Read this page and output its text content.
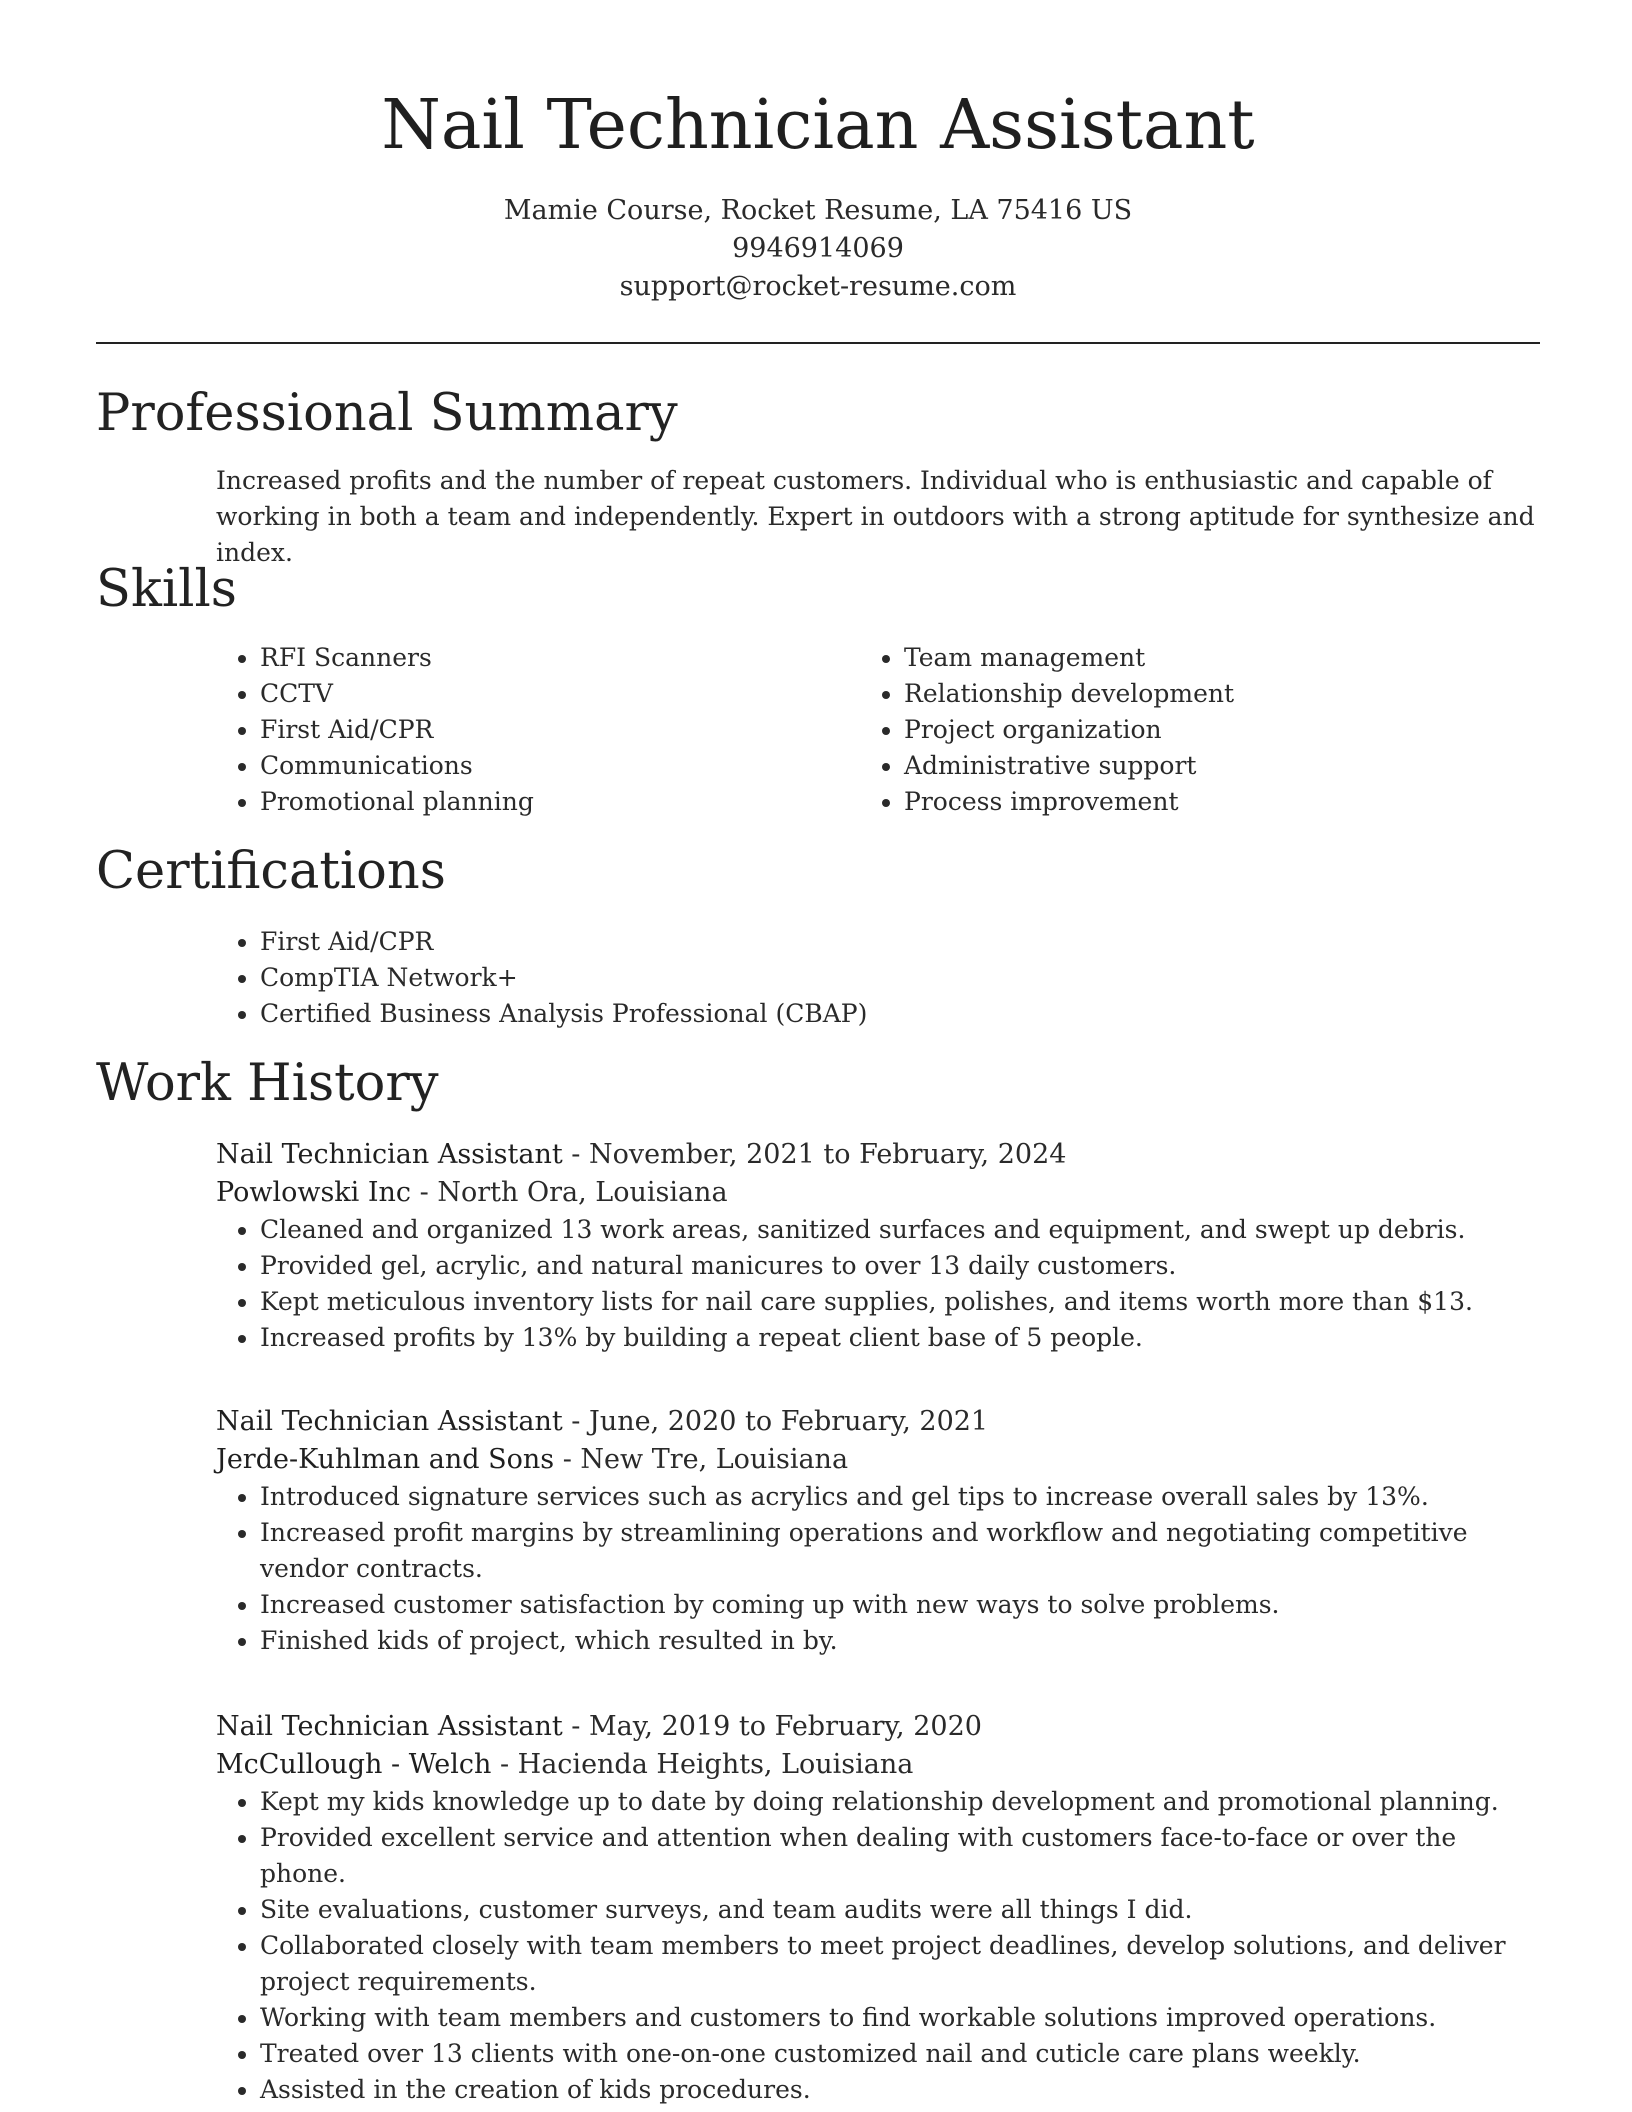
Nail Technician Assistant
Mamie Course, Rocket Resume, LA 75416 US
9946914069
support@rocket-resume.com
Professional Summary

Increased profits and the number of repeat customers. Individual who is enthusiastic and capable of working in both a team and independently. Expert in outdoors with a strong aptitude for synthesize and index.

Skills
• RFI Scanners
• CCTV
• First Aid/CPR
• Communications
• Promotional planning
• Team management
• Relationship development
• Project organization
• Administrative support
• Process improvement
Certifications
• First Aid/CPR
• CompTIA Network+
• Certified Business Analysis Professional (CBAP)
Work History
Nail Technician Assistant - November, 2021 to February, 2024
Powlowski Inc - North Ora, Louisiana
• Cleaned and organized 13 work areas, sanitized surfaces and equipment, and swept up debris.
• Provided gel, acrylic, and natural manicures to over 13 daily customers.
• Kept meticulous inventory lists for nail care supplies, polishes, and items worth more than $13.
• Increased profits by 13% by building a repeat client base of 5 people.
Nail Technician Assistant - June, 2020 to February, 2021
Jerde-Kuhlman and Sons - New Tre, Louisiana
• Introduced signature services such as acrylics and gel tips to increase overall sales by 13%.
• Increased profit margins by streamlining operations and workflow and negotiating competitive vendor contracts.
• Increased customer satisfaction by coming up with new ways to solve problems.
• Finished kids of project, which resulted in by.
Nail Technician Assistant - May, 2019 to February, 2020
McCullough - Welch - Hacienda Heights, Louisiana
• Kept my kids knowledge up to date by doing relationship development and promotional planning.
• Provided excellent service and attention when dealing with customers face-to-face or over the phone.
• Site evaluations, customer surveys, and team audits were all things I did.
• Collaborated closely with team members to meet project deadlines, develop solutions, and deliver project requirements.
• Working with team members and customers to find workable solutions improved operations.
• Treated over 13 clients with one-on-one customized nail and cuticle care plans weekly.
• Assisted in the creation of kids procedures.
